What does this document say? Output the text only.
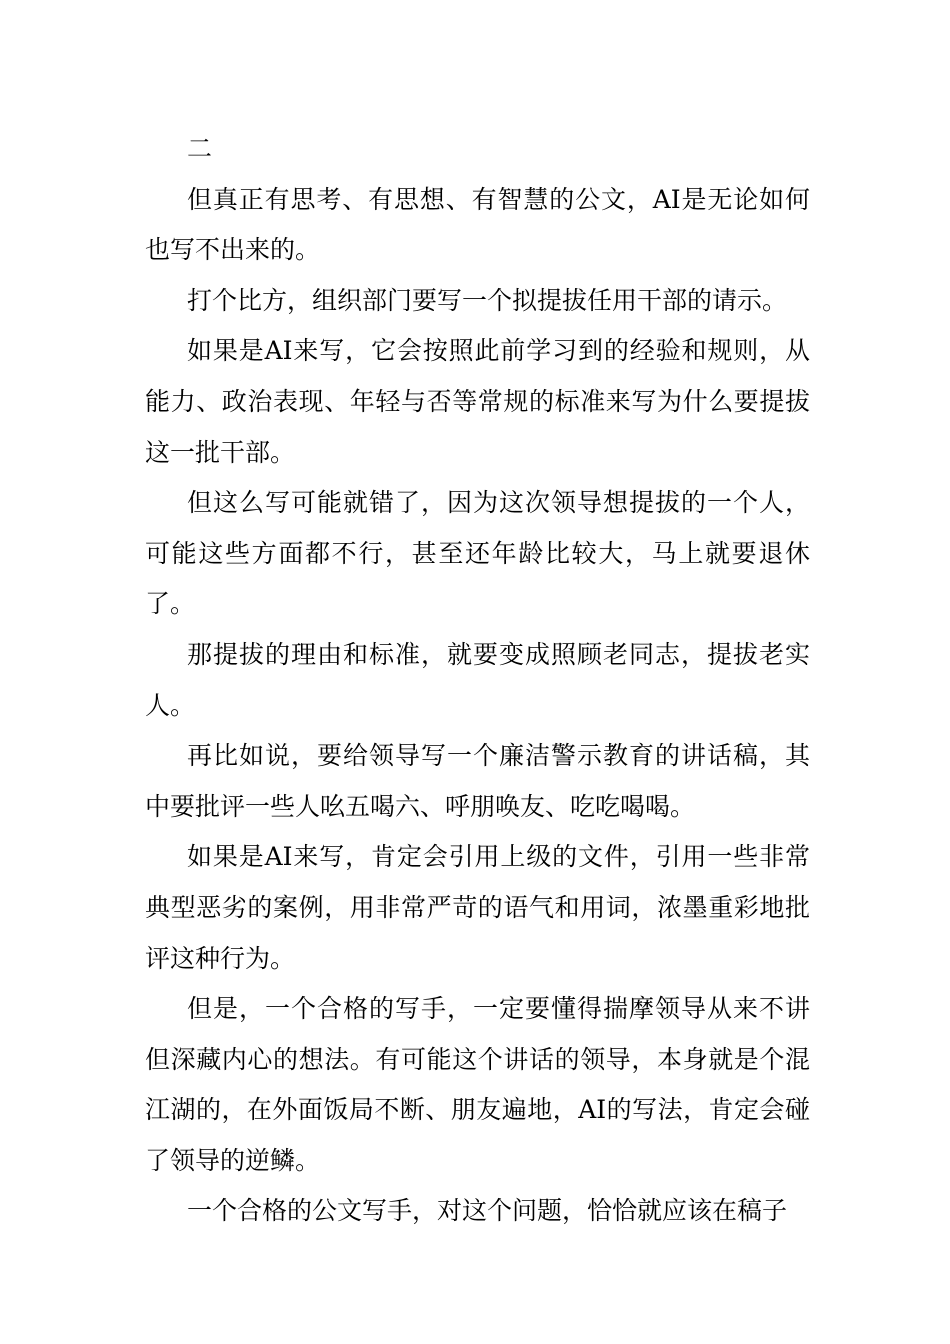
二

但真正有思考、有思想、有智慧的公文，AI是无论如何也写不出来的。

打个比方，组织部门要写一个拟提拔任用干部的请示。

如果是AI来写，它会按照此前学习到的经验和规则，从能力、政治表现、年轻与否等常规的标准来写为什么要提拔这一批干部。

但这么写可能就错了，因为这次领导想提拔的一个人，可能这些方面都不行，甚至还年龄比较大，马上就要退休了。

那提拔的理由和标准，就要变成照顾老同志，提拔老实人。

再比如说，要给领导写一个廉洁警示教育的讲话稿，其中要批评一些人吆五喝六、呼朋唤友、吃吃喝喝。

如果是AI来写，肯定会引用上级的文件，引用一些非常典型恶劣的案例，用非常严苛的语气和用词，浓墨重彩地批评这种行为。

但是，一个合格的写手，一定要懂得揣摩领导从来不讲但深藏内心的想法。有可能这个讲话的领导，本身就是个混江湖的，在外面饭局不断、朋友遍地，AI的写法，肯定会碰了领导的逆鳞。

一个合格的公文写手，对这个问题，恰恰就应该在稿子
